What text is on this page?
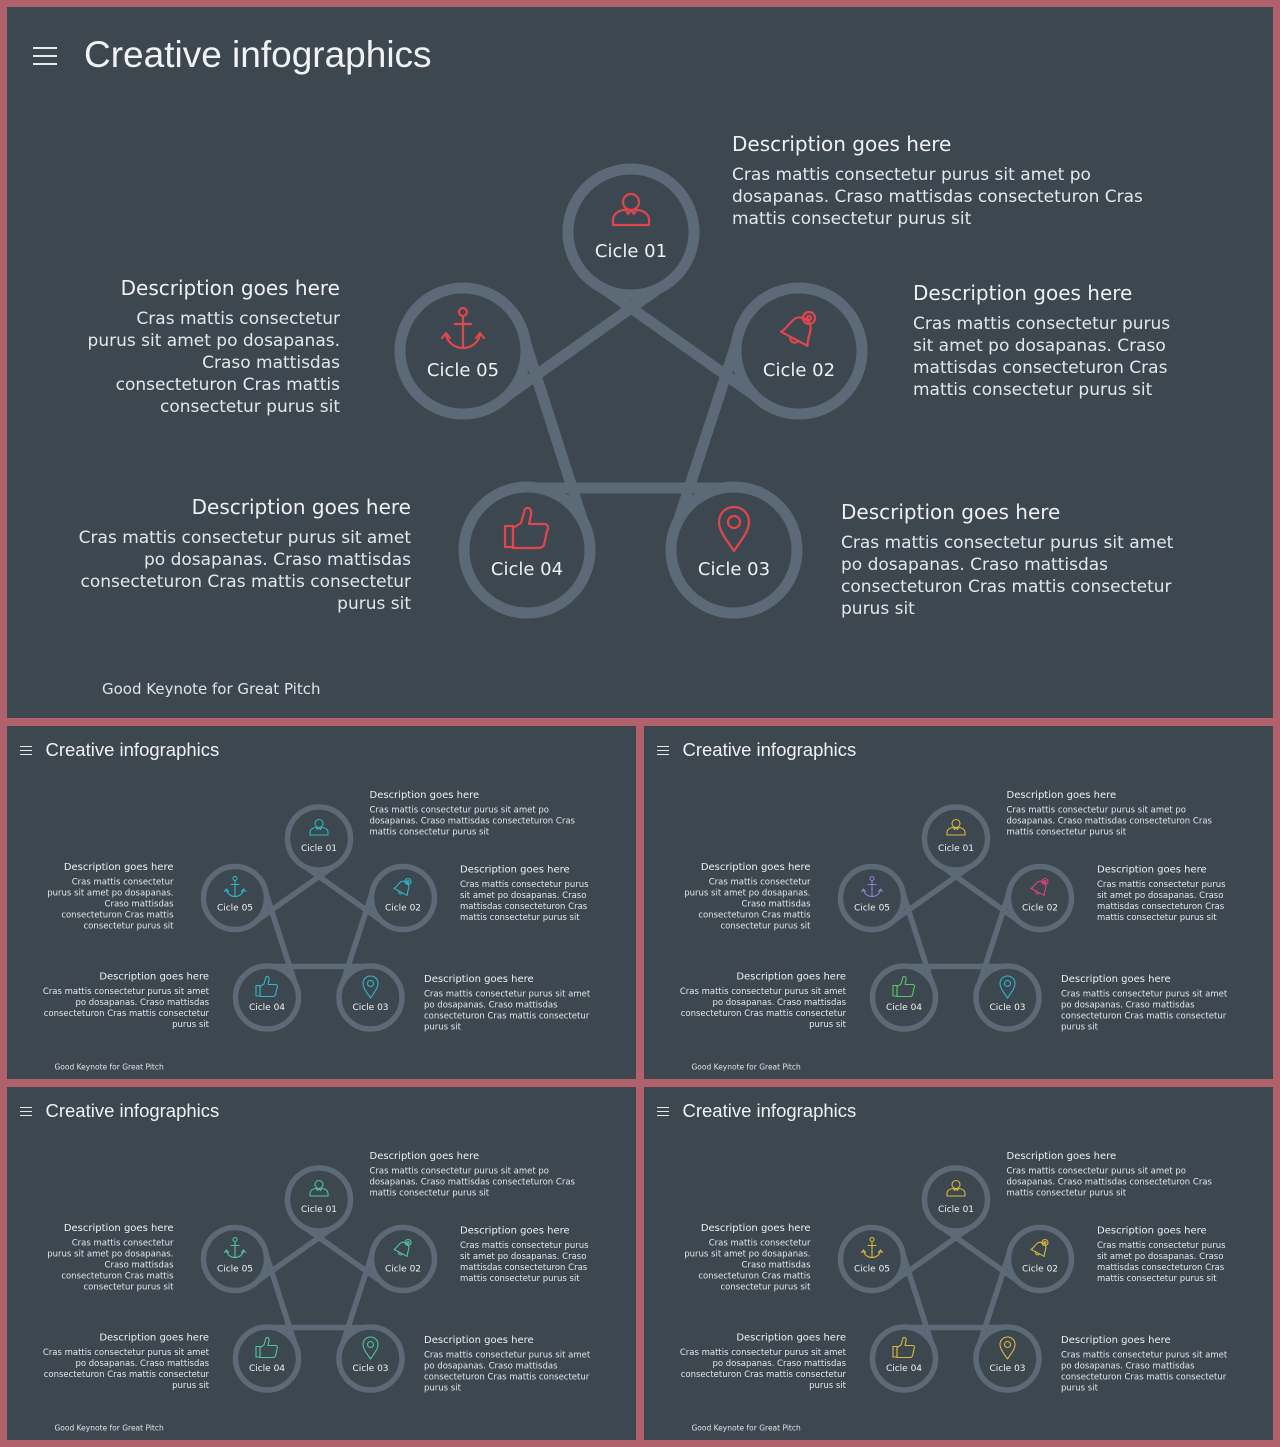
Creative infographics
Cicle 01
Cicle 02
Cicle 03
Cicle 04
Cicle 05
Description goes here
Cras mattis consectetur purus sit amet po dosapanas. Craso mattisdas consecteturon Cras mattis consectetur purus sit
Description goes here
Cras mattis consectetur purus sit amet po dosapanas. Craso mattisdas consecteturon Cras mattis consectetur purus sit
Description goes here
Cras mattis consectetur purus sit amet po dosapanas. Craso mattisdas consecteturon Cras mattis consectetur purus sit
Description goes here
Cras mattis consectetur purus sit amet po dosapanas. Craso mattisdas consecteturon Cras mattis consectetur purus sit
Description goes here
Cras mattis consectetur purus sit amet po dosapanas. Craso mattisdas consecteturon Cras mattis consectetur purus sit
Good Keynote for Great Pitch
Creative infographics
Cicle 01
Cicle 02
Cicle 03
Cicle 04
Cicle 05
Description goes here
Cras mattis consectetur purus sit amet po dosapanas. Craso mattisdas consecteturon Cras mattis consectetur purus sit
Description goes here
Cras mattis consectetur purus sit amet po dosapanas. Craso mattisdas consecteturon Cras mattis consectetur purus sit
Description goes here
Cras mattis consectetur purus sit amet po dosapanas. Craso mattisdas consecteturon Cras mattis consectetur purus sit
Description goes here
Cras mattis consectetur purus sit amet po dosapanas. Craso mattisdas consecteturon Cras mattis consectetur purus sit
Description goes here
Cras mattis consectetur purus sit amet po dosapanas. Craso mattisdas consecteturon Cras mattis consectetur purus sit
Good Keynote for Great Pitch
Creative infographics
Cicle 01
Cicle 02
Cicle 03
Cicle 04
Cicle 05
Description goes here
Cras mattis consectetur purus sit amet po dosapanas. Craso mattisdas consecteturon Cras mattis consectetur purus sit
Description goes here
Cras mattis consectetur purus sit amet po dosapanas. Craso mattisdas consecteturon Cras mattis consectetur purus sit
Description goes here
Cras mattis consectetur purus sit amet po dosapanas. Craso mattisdas consecteturon Cras mattis consectetur purus sit
Description goes here
Cras mattis consectetur purus sit amet po dosapanas. Craso mattisdas consecteturon Cras mattis consectetur purus sit
Description goes here
Cras mattis consectetur purus sit amet po dosapanas. Craso mattisdas consecteturon Cras mattis consectetur purus sit
Good Keynote for Great Pitch
Creative infographics
Cicle 01
Cicle 02
Cicle 03
Cicle 04
Cicle 05
Description goes here
Cras mattis consectetur purus sit amet po dosapanas. Craso mattisdas consecteturon Cras mattis consectetur purus sit
Description goes here
Cras mattis consectetur purus sit amet po dosapanas. Craso mattisdas consecteturon Cras mattis consectetur purus sit
Description goes here
Cras mattis consectetur purus sit amet po dosapanas. Craso mattisdas consecteturon Cras mattis consectetur purus sit
Description goes here
Cras mattis consectetur purus sit amet po dosapanas. Craso mattisdas consecteturon Cras mattis consectetur purus sit
Description goes here
Cras mattis consectetur purus sit amet po dosapanas. Craso mattisdas consecteturon Cras mattis consectetur purus sit
Good Keynote for Great Pitch
Creative infographics
Cicle 01
Cicle 02
Cicle 03
Cicle 04
Cicle 05
Description goes here
Cras mattis consectetur purus sit amet po dosapanas. Craso mattisdas consecteturon Cras mattis consectetur purus sit
Description goes here
Cras mattis consectetur purus sit amet po dosapanas. Craso mattisdas consecteturon Cras mattis consectetur purus sit
Description goes here
Cras mattis consectetur purus sit amet po dosapanas. Craso mattisdas consecteturon Cras mattis consectetur purus sit
Description goes here
Cras mattis consectetur purus sit amet po dosapanas. Craso mattisdas consecteturon Cras mattis consectetur purus sit
Description goes here
Cras mattis consectetur purus sit amet po dosapanas. Craso mattisdas consecteturon Cras mattis consectetur purus sit
Good Keynote for Great Pitch
